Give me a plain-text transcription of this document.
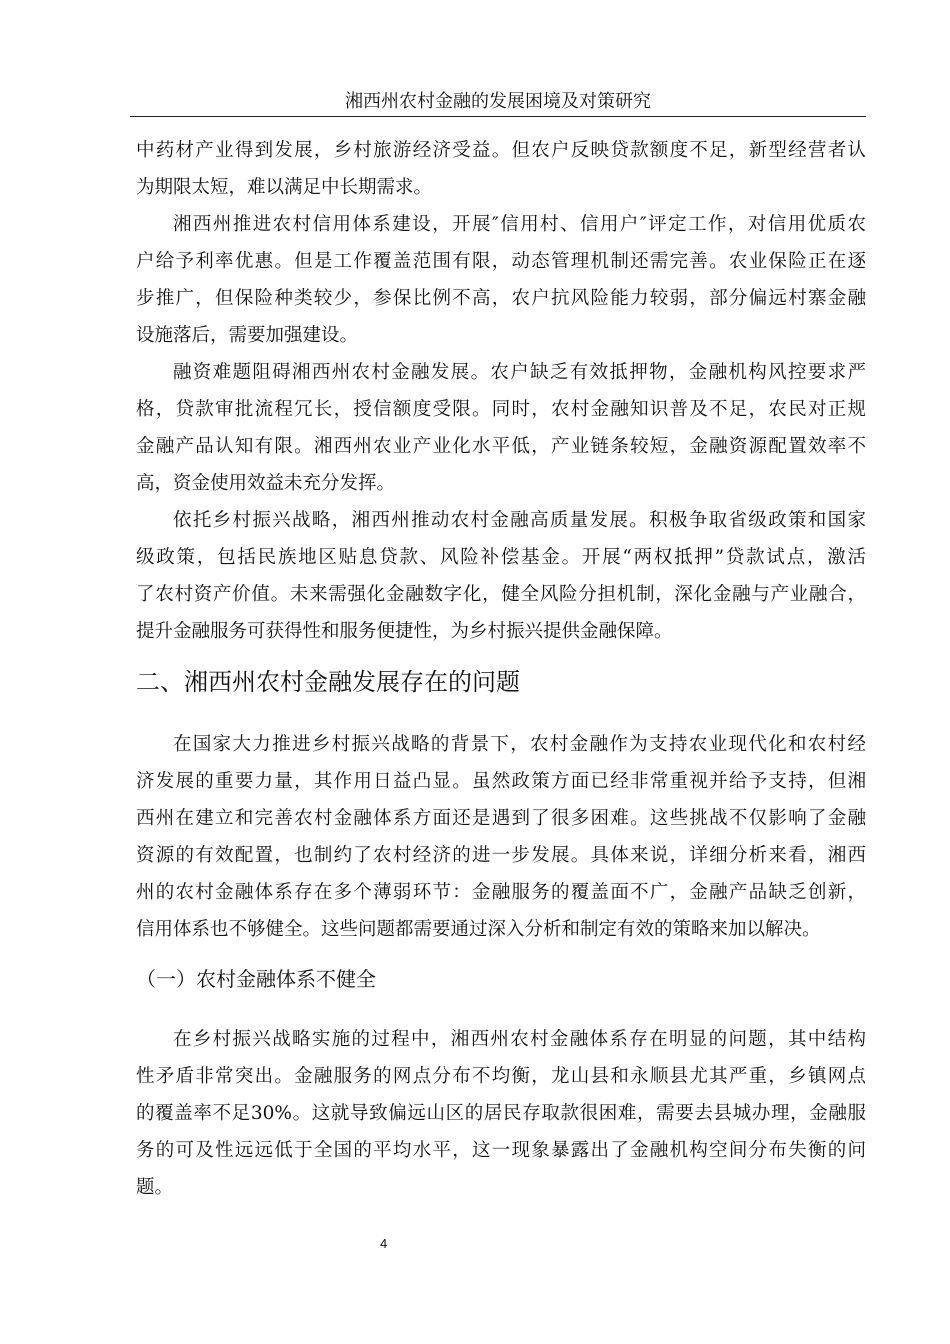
湘西州农村金融的发展困境及对策研究
中药材产业得到发展，乡村旅游经济受益。但农户反映贷款额度不足，新型经营者认
为期限太短，难以满足中长期需求。
湘西州推进农村信用体系建设，开展″信用村、信用户″评定工作，对信用优质农
户给予利率优惠。但是工作覆盖范围有限，动态管理机制还需完善。农业保险正在逐
步推广，但保险种类较少，参保比例不高，农户抗风险能力较弱，部分偏远村寨金融
设施落后，需要加强建设。
融资难题阻碍湘西州农村金融发展。农户缺乏有效抵押物，金融机构风控要求严
格，贷款审批流程冗长，授信额度受限。同时，农村金融知识普及不足，农民对正规
金融产品认知有限。湘西州农业产业化水平低，产业链条较短，金融资源配置效率不
高，资金使用效益未充分发挥。
依托乡村振兴战略，湘西州推动农村金融高质量发展。积极争取省级政策和国家
级政策，包括民族地区贴息贷款、风险补偿基金。开展“两权抵押”贷款试点，激活
了农村资产价值。未来需强化金融数字化，健全风险分担机制，深化金融与产业融合，
提升金融服务可获得性和服务便捷性，为乡村振兴提供金融保障。
二、湘西州农村金融发展存在的问题
在国家大力推进乡村振兴战略的背景下，农村金融作为支持农业现代化和农村经
济发展的重要力量，其作用日益凸显。虽然政策方面已经非常重视并给予支持，但湘
西州在建立和完善农村金融体系方面还是遇到了很多困难。这些挑战不仅影响了金融
资源的有效配置，也制约了农村经济的进一步发展。具体来说，详细分析来看，湘西
州的农村金融体系存在多个薄弱环节：金融服务的覆盖面不广，金融产品缺乏创新，
信用体系也不够健全。这些问题都需要通过深入分析和制定有效的策略来加以解决。
（一）农村金融体系不健全
在乡村振兴战略实施的过程中，湘西州农村金融体系存在明显的问题，其中结构
性矛盾非常突出。金融服务的网点分布不均衡，龙山县和永顺县尤其严重，乡镇网点
的覆盖率不足30%。这就导致偏远山区的居民存取款很困难，需要去县城办理，金融服
务的可及性远远低于全国的平均水平，这一现象暴露出了金融机构空间分布失衡的问
题。
4
